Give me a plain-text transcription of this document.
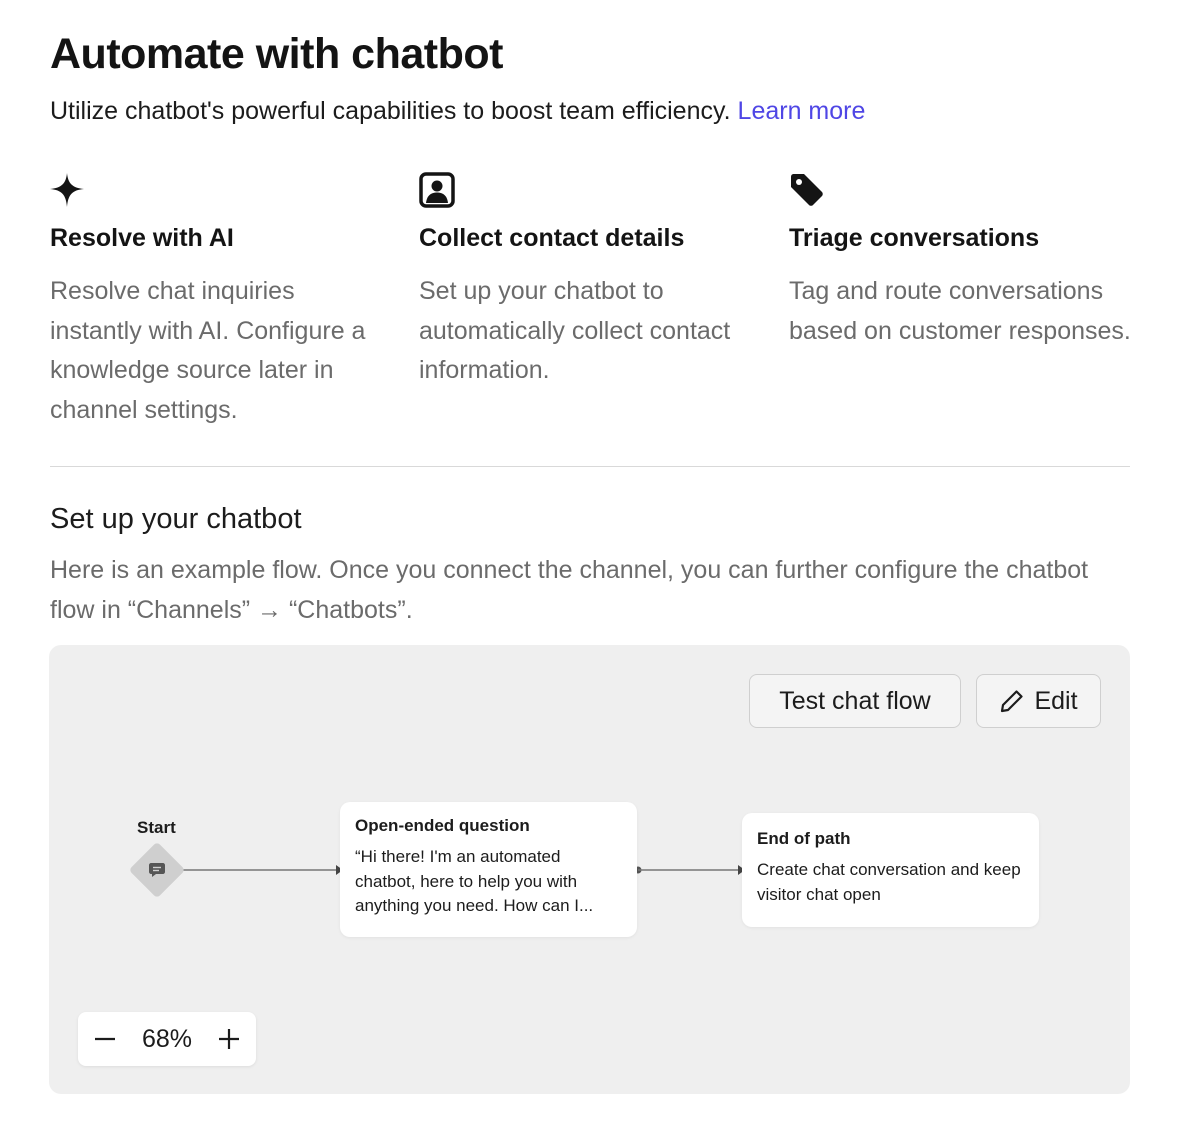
Automate with chatbot
Utilize chatbot's powerful capabilities to boost team efficiency. Learn more
Resolve with AI
Resolve chat inquiries instantly with AI. Configure a knowledge source later in channel settings.
Collect contact details
Set up your chatbot to automatically collect contact information.
Triage conversations
Tag and route conversations based on customer responses.
Set up your chatbot
Here is an example flow. Once you connect the channel, you can further configure the chatbot flow in “Channels” → “Chatbots”.
Test chat flow	Edit
Start	Open-ended question
“Hi there! I'm an automated chatbot, here to help you with anything you need. How can I...
End of path
Create chat conversation and keep visitor chat open
68%
